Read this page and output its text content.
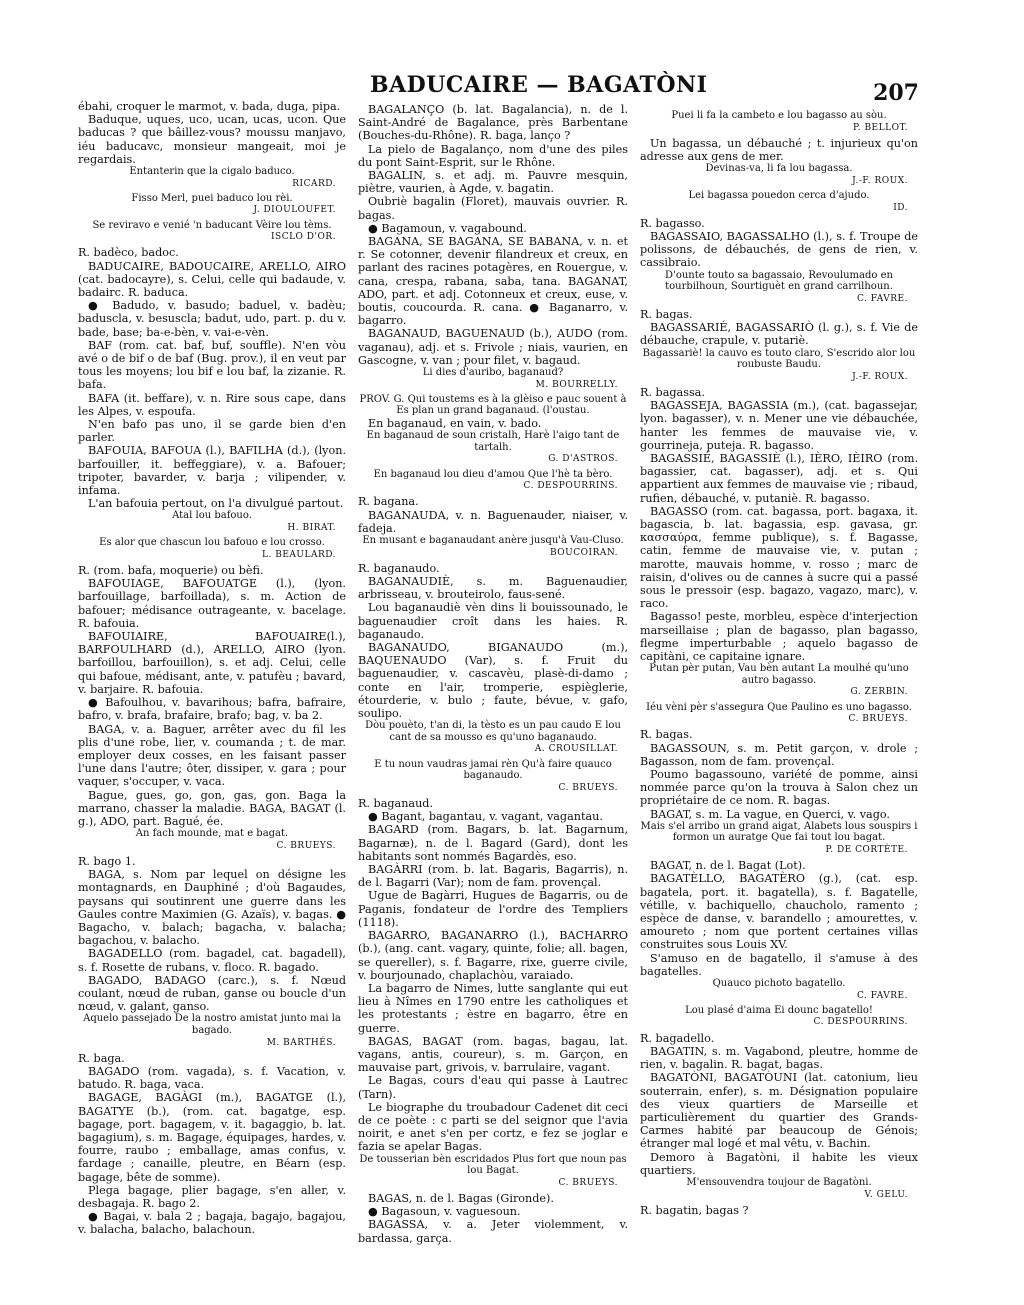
BADUCAIRE — BAGATÒNI	207

ébahi, croquer le marmot, v. bada, duga, pipa.

Baduque, uques, uco, ucan, ucas, ucon. Que baducas ? que bâillez-vous? moussu manjavo, iéu baducavc, monsieur mangeait, moi je regardais.

Entanterin que la cigalo baduco.

RICARD.

Fisso Merl, puei baduco lou rèi.

J. DIOULOUFET.

Se reviravo e venié 'n baducant Vèire lou tèms.

ISCLO D'OR.

R. badèco, badoc.

BADUCAIRE, BADOUCAIRE, ARELLO, AIRO (cat. badocayre), s. Celui, celle qui badaude, v. badairc. R. baduca.

● Badudo, v. basudo; baduel, v. badèu; baduscla, v. besuscla; badut, udo, part. p. du v. bade, base; ba-e-bèn, v. vai-e-vèn.

BAF (rom. cat. baf, buf, souffle). N'en vòu avé o de bif o de baf (Bug. prov.), il en veut par tous les moyens; lou bif e lou baf, la zizanie. R. bafa.

BAFA (it. beffare), v. n. Rire sous cape, dans les Alpes, v. espoufa.

N'en bafo pas uno, il se garde bien d'en parler.

BAFOUIA, BAFOUA (l.), BAFILHA (d.), (lyon. barfouiller, it. beffeggiare), v. a. Bafouer; tripoter, bavarder, v. barja ; vilipender, v. infama.

L'an bafouia pertout, on l'a divulgué partout.

Atal lou bafouo.

H. BIRAT.

Es alor que chascun lou bafouo e lou crosso.

L. BEAULARD.

R. (rom. bafa, moquerie) ou bèfi.

BAFOUIAGE, BAFOUATGE (l.), (lyon. barfouillage, barfoillada), s. m. Action de bafouer; médisance outrageante, v. bacelage. R. bafouia.

BAFOUIAIRE, BAFOUAIRE(l.), BARFOULHARD (d.), ARELLO, AIRO (lyon. barfoillou, barfouillon), s. et adj. Celui, celle qui bafoue, médisant, ante, v. patufèu ; bavard, v. barjaire. R. bafouia.

● Bafoulhou, v. bavarihous; bafra, bafraire, bafro, v. brafa, brafaire, brafo; bag, v. ba 2.

BAGA, v. a. Baguer, arrêter avec du fil les plis d'une robe, lier, v. coumanda ; t. de mar. employer deux cosses, en les faisant passer l'une dans l'autre; ôter, dissiper, v. gara ; pour vaquer, s'occuper, v. vaca.

Bague, gues, go, gon, gas, gon. Baga la marrano, chasser la maladie. BAGA, BAGAT (l. g.), ADO, part. Bagué, ée.

An fach mounde, mat e bagat.

C. BRUEYS.

R. bago 1.

BAGA, s. Nom par lequel on désigne les montagnards, en Dauphiné ; d'où Bagaudes, paysans qui soutinrent une guerre dans les Gaules contre Maximien (G. Azaïs), v. bagas. ● Bagacho, v. balach; bagacha, v. balacha; bagachou, v. balacho.

BAGADELLO (rom. bagadel, cat. bagadell), s. f. Rosette de rubans, v. floco. R. bagado.

BAGADO, BADAGO (carc.), s. f. Nœud coulant, nœud de ruban, ganse ou boucle d'un nœud, v. galant, ganso.

Aquelo passejado De la nostro amistat junto mai la bagado.

M. BARTHÉS.

R. baga.

BAGADO (rom. vagada), s. f. Vacation, v. batudo. R. baga, vaca.

BAGAGE, BAGÀGI (m.), BAGATGE (l.), BAGATYE (b.), (rom. cat. bagatge, esp. bagage, port. bagagem, v. it. bagaggio, b. lat. bagagium), s. m. Bagage, équipages, hardes, v. fourre, raubo ; emballage, amas confus, v. fardage ; canaille, pleutre, en Béarn (esp. bagage, bête de somme).

Plega bagage, plier bagage, s'en aller, v. desbagaja. R. bago 2.

● Bagai, v. bala 2 ; bagaja, bagajo, bagajou, v. balacha, balacho, balachoun.

BAGALANÇO (b. lat. Bagalancia), n. de l. Saint-André de Bagalance, près Barbentane (Bouches-du-Rhône). R. baga, lanço ?

La pielo de Bagalanço, nom d'une des piles du pont Saint-Esprit, sur le Rhône.

BAGALIN, s. et adj. m. Pauvre mesquin, piètre, vaurien, à Agde, v. bagatin.

Oubriè bagalin (Floret), mauvais ouvrier. R. bagas.

● Bagamoun, v. vagabound.

BAGANA, SE BAGANA, SE BABANA, v. n. et r. Se cotonner, devenir filandreux et creux, en parlant des racines potagères, en Rouergue, v. cana, crespa, rabana, saba, tana. BAGANAT, ADO, part. et adj. Cotonneux et creux, euse, v. boutis, coucourda. R. cana. ● Baganarro, v. bagarro.

BAGANAUD, BAGUENAUD (b.), AUDO (rom. vaganau), adj. et s. Frivole ; niais, vaurien, en Gascogne, v. van ; pour filet, v. bagaud.

Li dies d'auribo, baganaud?

M. BOURRELLY.

PROV. G. Qui toustems es à la glèiso e pauc souent à Es plan un grand baganaud. (l'oustau.

En baganaud, en vain, v. bado.

En baganaud de soun cristalh, Harè l'aigo tant de tartalh.

G. D'ASTROS.

En baganaud lou dieu d'amou Que l'hè ta bèro.

C. DESPOURRINS.

R. bagana.

BAGANAUDA, v. n. Baguenauder, niaiser, v. fadeja.

En musant e baganaudant anère jusqu'à Vau-Cluso.

BOUCOIRAN.

R. baganaudo.

BAGANAUDIÈ, s. m. Baguenaudier, arbrisseau, v. brouteirolo, faus-sené.

Lou baganaudiè vèn dins li bouissounado, le baguenaudier croît dans les haies. R. baganaudo.

BAGANAUDO, BIGANAUDO (m.), BAQUENAUDO (Var), s. f. Fruit du baguenaudier, v. cascavèu, plasè-di-damo ; conte en l'air, tromperie, espièglerie, étourderie, v. bulo ; faute, bévue, v. gafo, soulipo.

Dòu pouèto, t'an di, la tèsto es un pau caudo E lou cant de sa mousso es qu'uno baganaudo.

A. CROUSILLAT.

E tu noun vaudras jamai rèn Qu'à faire quauco baganaudo.

C. BRUEYS.

R. baganaud.

● Bagant, bagantau, v. vagant, vagantau.

BAGARD (rom. Bagars, b. lat. Bagarnum, Bagarnæ), n. de l. Bagard (Gard), dont les habitants sont nommés Bagardès, eso.

BAGÀRRI (rom. b. lat. Bagaris, Bagarris), n. de l. Bagarri (Var); nom de fam. provençal.

Ugue de Bagàrri, Hugues de Bagarris, ou de Paganis, fondateur de l'ordre des Templiers (1118).

BAGARRO, BAGANARRO (l.), BACHARRO (b.), (ang. cant. vagary, quinte, folie; all. bagen, se quereller), s. f. Bagarre, rixe, guerre civile, v. bourjounado, chaplachòu, varaiado.

La bagarro de Nimes, lutte sanglante qui eut lieu à Nîmes en 1790 entre les catholiques et les protestants ; èstre en bagarro, être en guerre.

BAGAS, BAGAT (rom. bagas, bagau, lat. vagans, antis, coureur), s. m. Garçon, en mauvaise part, grivois, v. barrulaire, vagant.

Le Bagas, cours d'eau qui passe à Lautrec (Tarn).

Le biographe du troubadour Cadenet dit ceci de ce poète : c parti se del seignor que l'avia noirit, e anet s'en per cortz, e fez se joglar e fazia se apelar Bagas.

De tousserian bèn escridados Plus fort que noun pas lou Bagat.

C. BRUEYS.

BAGAS, n. de l. Bagas (Gironde).

● Bagasoun, v. vaguesoun.

BAGASSA, v. a. Jeter violemment, v. bardassa, garça.

Puei li fa la cambeto e lou bagasso au sòu.

P. BELLOT.

Un bagassa, un débauché ; t. injurieux qu'on adresse aux gens de mer.

Devinas-va, li fa lou bagassa.

J.-F. ROUX.

Lei bagassa pouedon cerca d'ajudo.

ID.

R. bagasso.

BAGASSAIO, BAGASSALHO (l.), s. f. Troupe de polissons, de débauchés, de gens de rien, v. cassibraio.

D'ounte touto sa bagassaio, Revoulumado en tourbilhoun, Sourtiguèt en grand carrilhoun.

C. FAVRE.

R. bagas.

BAGASSARIÉ, BAGASSARIÒ (l. g.), s. f. Vie de débauche, crapule, v. putariè.

Bagassariè! la cauvo es touto claro, S'escrido alor lou roubuste Baudu.

J.-F. ROUX.

R. bagassa.

BAGASSEJA, BAGASSIA (m.), (cat. bagassejar, lyon. bagasser), v. n. Mener une vie débauchée, hanter les femmes de mauvaise vie, v. gourrineja, puteja. R. bagasso.

BAGASSIÉ, BAGASSIÈ (l.), IÈRO, IÈIRO (rom. bagassier, cat. bagasser), adj. et s. Qui appartient aux femmes de mauvaise vie ; ribaud, rufien, débauché, v. putaniè. R. bagasso.

BAGASSO (rom. cat. bagassa, port. bagaxa, it. bagascia, b. lat. bagassia, esp. gavasa, gr. κασσαύρα, femme publique), s. f. Bagasse, catin, femme de mauvaise vie, v. putan ; marotte, mauvais homme, v. rosso ; marc de raisin, d'olives ou de cannes à sucre qui a passé sous le pressoir (esp. bagazo, vagazo, marc), v. raco.

Bagasso! peste, morbleu, espèce d'interjection marseillaise ; plan de bagasso, plan bagasso, flegme imperturbable ; aquelo bagasso de capitàni, ce capitaine ignare.

Putan pèr putan, Vau bèn autant La moulhé qu'uno autro bagasso.

G. ZERBIN.

Iéu vèni pèr s'assegura Que Paulino es uno bagasso.

C. BRUEYS.

R. bagas.

BAGASSOUN, s. m. Petit garçon, v. drole ; Bagasson, nom de fam. provençal.

Poumo bagassouno, variété de pomme, ainsi nommée parce qu'on la trouva à Salon chez un propriétaire de ce nom. R. bagas.

BAGAT, s. m. La vague, en Querci, v. vago.

Mais s'el arribo un grand aigat, Alabets lous souspirs i formon un auratge Que fai tout lou bagat.

P. DE CORTÈTE.

BAGAT, n. de l. Bagat (Lot).

BAGATÈLLO, BAGATÈRO (g.), (cat. esp. bagatela, port. it. bagatella), s. f. Bagatelle, vétille, v. bachiquello, chaucholo, ramento ; espèce de danse, v. barandello ; amourettes, v. amoureto ; nom que portent certaines villas construites sous Louis XV.

S'amuso en de bagatello, il s'amuse à des bagatelles.

Quauco pichoto bagatello.

C. FAVRE.

Lou plasé d'aima Ei dounc bagatello!

C. DESPOURRINS.

R. bagadello.

BAGATIN, s. m. Vagabond, pleutre, homme de rien, v. bagalin. R. bagat, bagas.

BAGATÒNI, BAGATÒUNI (lat. catonium, lieu souterrain, enfer), s. m. Désignation populaire des vieux quartiers de Marseille et particulièrement du quartier des Grands-Carmes habité par beaucoup de Génois; étranger mal logé et mal vêtu, v. Bachin.

Demoro à Bagatòni, il habite les vieux quartiers.

M'ensouvendra toujour de Bagatòni.

V. GELU.

R. bagatin, bagas ?
